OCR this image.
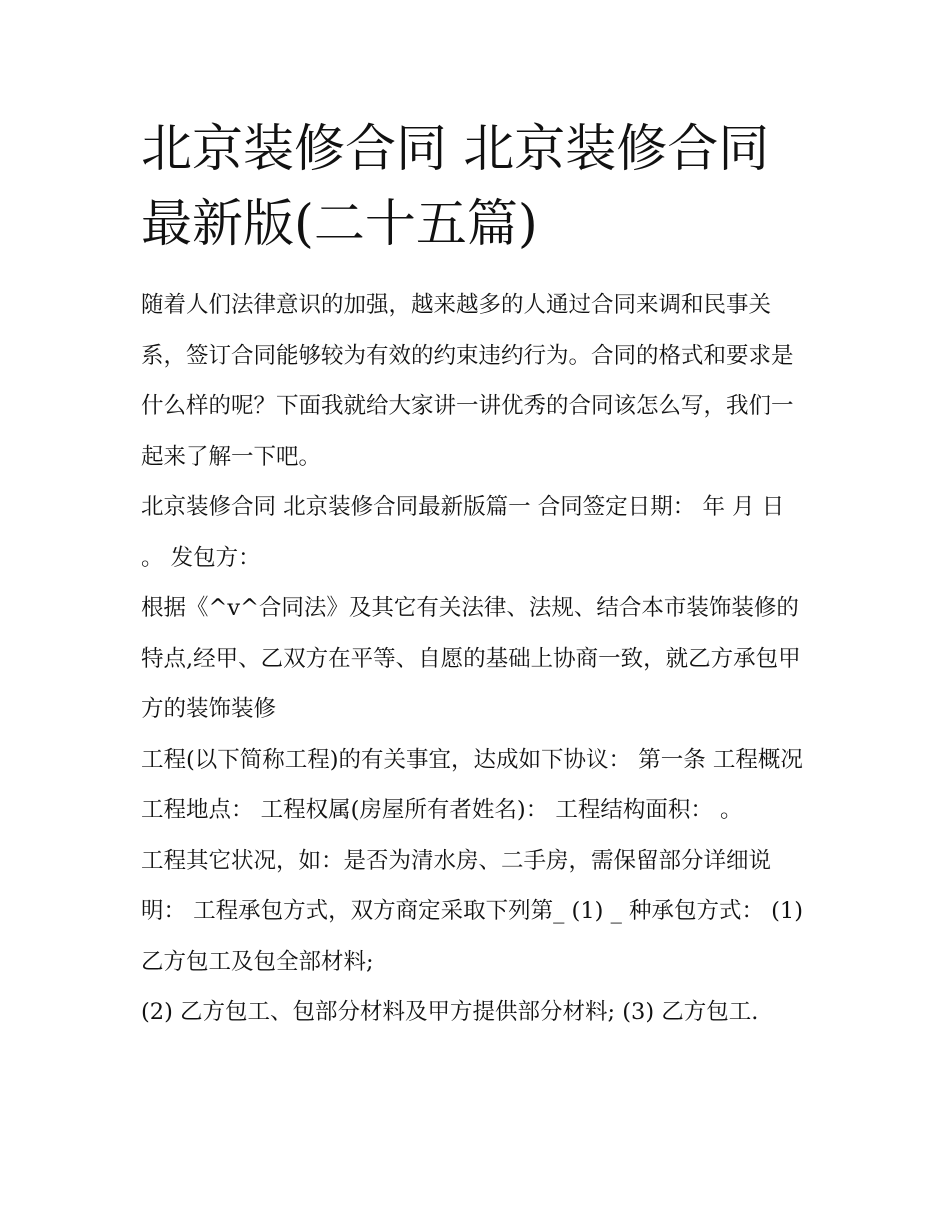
北京装修合同 北京装修合同最新版(二十五篇)

随着人们法律意识的加强，越来越多的人通过合同来调和民事关系，签订合同能够较为有效的约束违约行为。合同的格式和要求是什么样的呢？下面我就给大家讲一讲优秀的合同该怎么写，我们一起来了解一下吧。

北京装修合同 北京装修合同最新版篇一 合同签定日期： 年 月 日 。 发包方：

根据《^v^合同法》及其它有关法律、法规、结合本市装饰装修的特点,经甲、乙双方在平等、自愿的基础上协商一致，就乙方承包甲方的装饰装修

工程(以下简称工程)的有关事宜，达成如下协议： 第一条 工程概况 工程地点： 工程权属(房屋所有者姓名)： 工程结构面积： 。

工程其它状况，如：是否为清水房、二手房，需保留部分详细说明： 工程承包方式，双方商定采取下列第_ (1) _ 种承包方式： (1) 乙方包工及包全部材料;

(2) 乙方包工、包部分材料及甲方提供部分材料; (3) 乙方包工.
